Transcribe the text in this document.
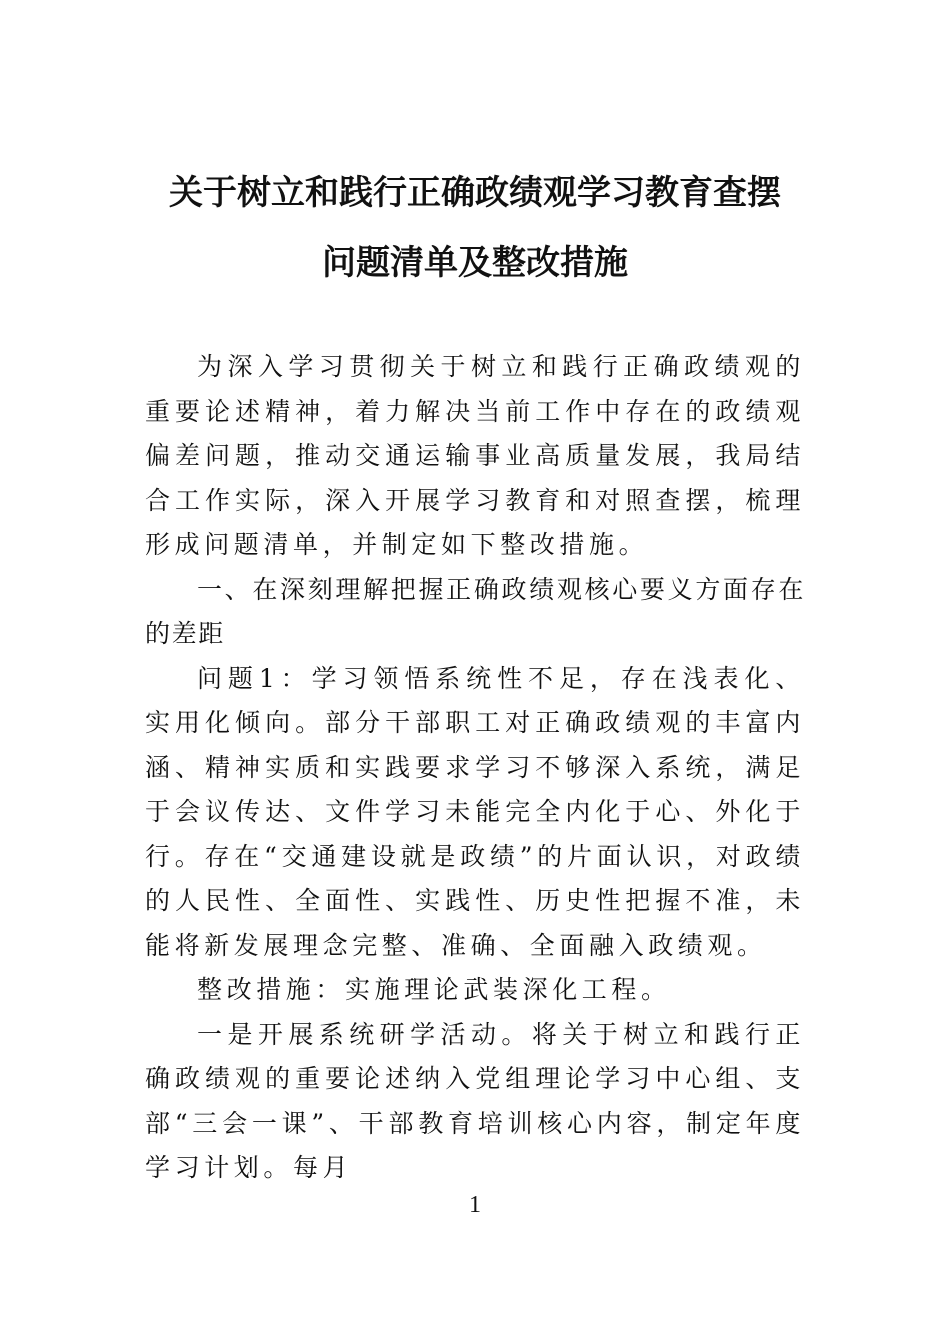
关于树立和践行正确政绩观学习教育查摆
问题清单及整改措施

为深入学习贯彻关于树立和践行正确政绩观的重要论述精神，着力解决当前工作中存在的政绩观偏差问题，推动交通运输事业高质量发展，我局结合工作实际，深入开展学习教育和对照查摆，梳理形成问题清单，并制定如下整改措施。

一、在深刻理解把握正确政绩观核心要义方面存在的差距

问题1：学习领悟系统性不足，存在浅表化、实用化倾向。部分干部职工对正确政绩观的丰富内涵、精神实质和实践要求学习不够深入系统，满足于会议传达、文件学习未能完全内化于心、外化于行。存在“交通建设就是政绩”的片面认识，对政绩的人民性、全面性、实践性、历史性把握不准，未能将新发展理念完整、准确、全面融入政绩观。

整改措施：实施理论武装深化工程。

一是开展系统研学活动。将关于树立和践行正确政绩观的重要论述纳入党组理论学习中心组、支部“三会一课”、干部教育培训核心内容，制定年度学习计划。每月

1
